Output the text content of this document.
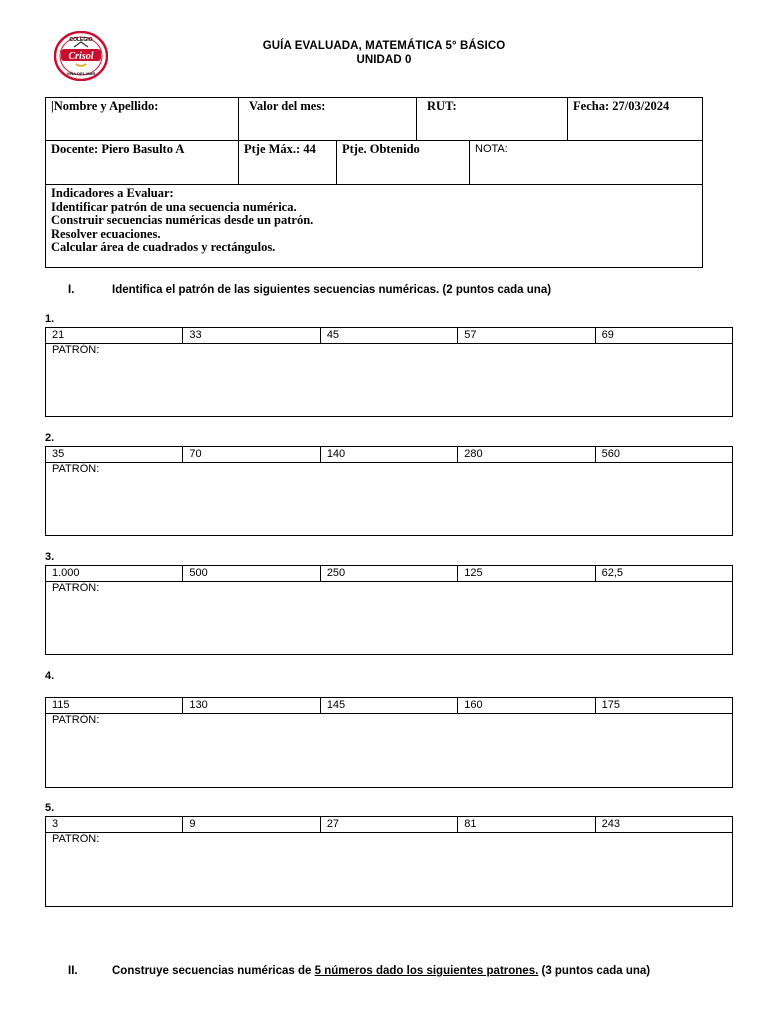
COLEGIO
Crisol
VIÑA DEL MAR
GUÍA EVALUADA, MATEMÁTICA 5° BÁSICO
UNIDAD 0
|Nombre y Apellido:	Valor del mes:		RUT:		Fecha: 27/03/2024
Docente: Piero Basulto A	Ptje Máx.: 44	Ptje. Obtenido		NOTA:	

Indicadores a Evaluar:
Identificar patrón de una secuencia numérica.
Construir secuencias numéricas desde un patrón.
Resolver ecuaciones.
Calcular área de cuadrados y rectángulos.					
I.	Identifica el patrón de las siguientes secuencias numéricas. (2 puntos cada una)
1.
21	33	45	57	69
PATRÓN:
2.
35	70	140	280	560
PATRÓN:
3.
1.000	500	250	125	62,5
PATRÓN:
4.
115	130	145	160	175
PATRÓN:
5.
3	9	27	81	243
PATRÓN:
II.	Construye secuencias numéricas de 5 números dado los siguientes patrones. (3 puntos cada una)
